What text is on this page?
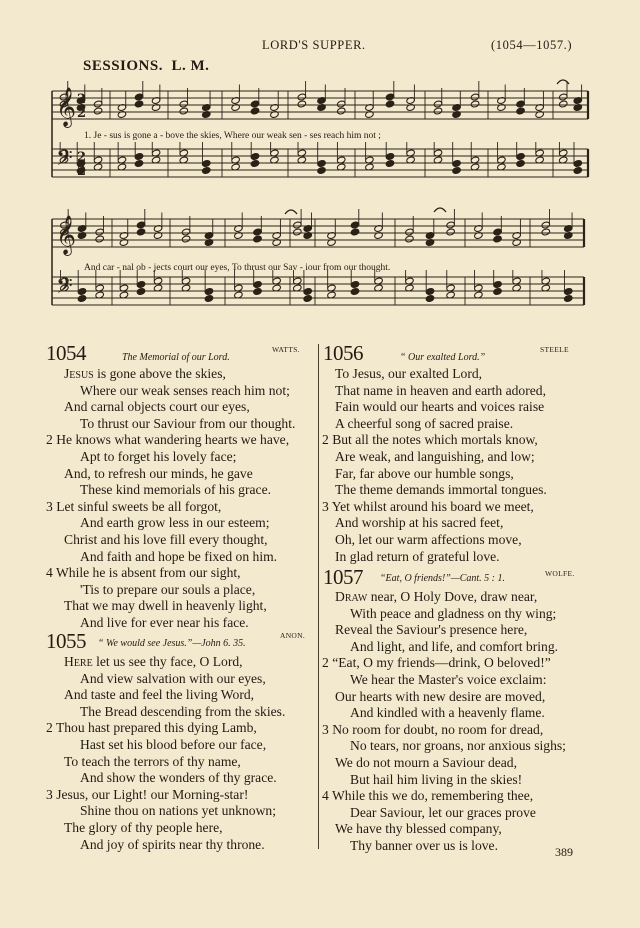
LORD'S SUPPER.	(1054—1057.)
SESSIONS. L. M.
𝄞
𝄢
𝄞
𝄢
2
2
2
2
1. Je - sus is gone a - bove the skies, Where our weak sen - ses reach him not ;
And car - nal ob - jects court our eyes, To thrust our Sav - iour from our thought.
1054	The Memorial of our Lord.
WATTS.
Jesus is gone above the skies,
Where our weak senses reach him not;
And carnal objects court our eyes,
To thrust our Saviour from our thought.
2 He knows what wandering hearts we have,
Apt to forget his lovely face;
And, to refresh our minds, he gave
These kind memorials of his grace.
3 Let sinful sweets be all forgot,
And earth grow less in our esteem;
Christ and his love fill every thought,
And faith and hope be fixed on him.
4 While he is absent from our sight,
'Tis to prepare our souls a place,
That we may dwell in heavenly light,
And live for ever near his face.
1055 “ We would see Jesus.”—John 6. 35.
ANON.
Here let us see thy face, O Lord,
And view salvation with our eyes,
And taste and feel the living Word,
The Bread descending from the skies.
2 Thou hast prepared this dying Lamb,
Hast set his blood before our face,
To teach the terrors of thy name,
And show the wonders of thy grace.
3 Jesus, our Light! our Morning-star!
Shine thou on nations yet unknown;
The glory of thy people here,
And joy of spirits near thy throne.
1056	“ Our exalted Lord.”
STEELE
To Jesus, our exalted Lord,
That name in heaven and earth adored,
Fain would our hearts and voices raise
A cheerful song of sacred praise.
2 But all the notes which mortals know,
Are weak, and languishing, and low;
Far, far above our humble songs,
The theme demands immortal tongues.
3 Yet whilst around his board we meet,
And worship at his sacred feet,
Oh, let our warm affections move,
In glad return of grateful love.
1057 “Eat, O friends!”—Cant. 5 : 1.	WOLFE.
Draw near, O Holy Dove, draw near,
With peace and gladness on thy wing;
Reveal the Saviour's presence here,
And light, and life, and comfort bring.
2 “Eat, O my friends—drink, O beloved!”
We hear the Master's voice exclaim:
Our hearts with new desire are moved,
And kindled with a heavenly flame.
3 No room for doubt, no room for dread,
No tears, nor groans, nor anxious sighs;
We do not mourn a Saviour dead,
But hail him living in the skies!
4 While this we do, remembering thee,
Dear Saviour, let our graces prove
We have thy blessed company,
Thy banner over us is love.	389
